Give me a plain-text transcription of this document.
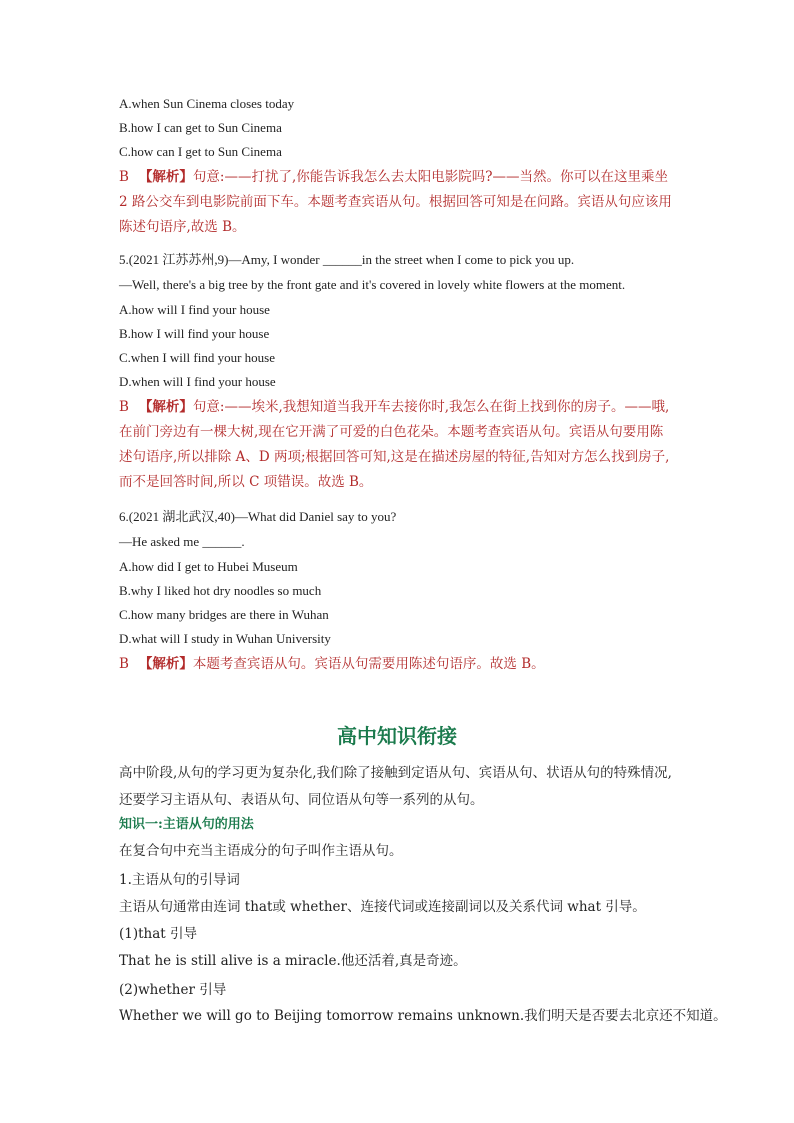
A.when Sun Cinema closes today
B.how I can get to Sun Cinema
C.how can I get to Sun Cinema
B 【解析】句意:——打扰了,你能告诉我怎么去太阳电影院吗?——当然。你可以在这里乘坐 2 路公交车到电影院前面下车。本题考查宾语从句。根据回答可知是在问路。宾语从句应该用陈述句语序,故选 B。
5.(2021 江苏苏州,9)—Amy, I wonder ______in the street when I come to pick you up.
—Well, there's a big tree by the front gate and it's covered in lovely white flowers at the moment.
A.how will I find your house
B.how I will find your house
C.when I will find your house
D.when will I find your house
B 【解析】句意:——埃米,我想知道当我开车去接你时,我怎么在街上找到你的房子。——哦,在前门旁边有一棵大树,现在它开满了可爱的白色花朵。本题考查宾语从句。宾语从句要用陈述句语序,所以排除 A、D 两项;根据回答可知,这是在描述房屋的特征,告知对方怎么找到房子,而不是回答时间,所以 C 项错误。故选 B。
6.(2021 湖北武汉,40)—What did Daniel say to you?
—He asked me ______.
A.how did I get to Hubei Museum
B.why I liked hot dry noodles so much
C.how many bridges are there in Wuhan
D.what will I study in Wuhan University
B 【解析】本题考查宾语从句。宾语从句需要用陈述句语序。故选 B。
高中知识衔接
高中阶段,从句的学习更为复杂化,我们除了接触到定语从句、宾语从句、状语从句的特殊情况,还要学习主语从句、表语从句、同位语从句等一系列的从句。
知识一:主语从句的用法
在复合句中充当主语成分的句子叫作主语从句。
1.主语从句的引导词
主语从句通常由连词 that或 whether、连接代词或连接副词以及关系代词 what 引导。
(1)that 引导
That he is still alive is a miracle.他还活着,真是奇迹。
(2)whether 引导
Whether we will go to Beijing tomorrow remains unknown.我们明天是否要去北京还不知道。
